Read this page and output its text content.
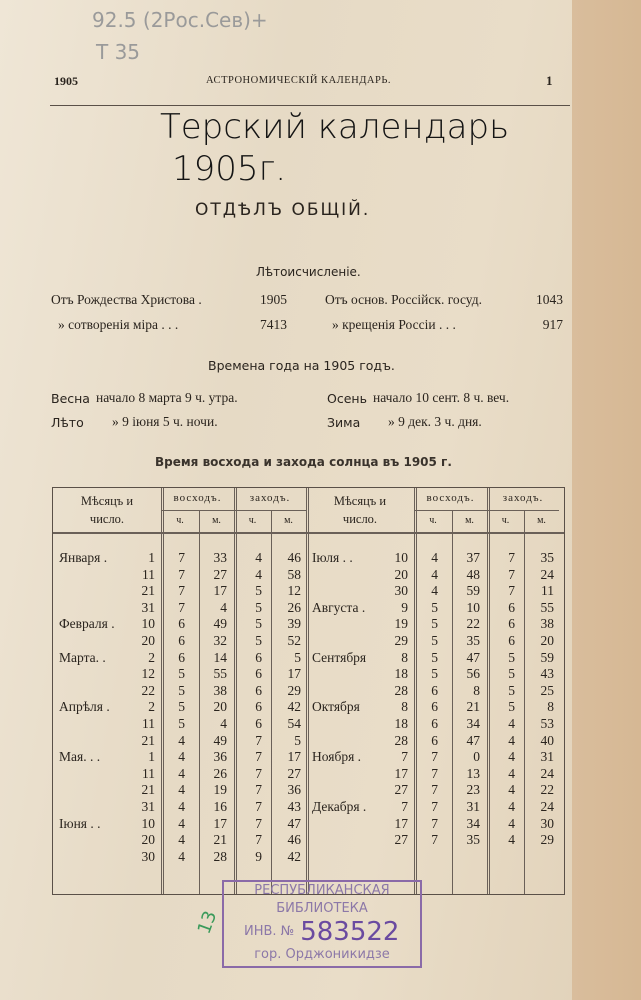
92.5 (2Рос.Сев)+
Т 35
1905	АСТРОНОМИЧЕСКІЙ КАЛЕНДАРЬ.	1
Терский календарь
1905г.
ОТДѢЛЪ ОБЩІЙ.
Лѣтоисчисленіе.
Отъ Рождества Христова .	1905	Отъ основ. Россійск. госуд.	1043
» сотворенія міра . . .	7413	» крещенія Россіи . . .	917
Времена года на 1905 годъ.
Весна начало 8 марта 9 ч. утра.	Осень начало 10 сент. 8 ч. веч.
Лѣто » 9 іюня 5 ч. ночи.	Зима » 9 дек. 3 ч. дня.
Время восхода и захода солнца въ 1905 г.
Мѣсяцъ и
число.
восходъ.	заходъ.
ч.	м.	ч.	м.
Января .	1	7	33	4	46
11	7	27	4	58
21	7	17	5	12
31	7	4	5	26
Февраля .	10	6	49	5	39
20	6	32	5	52
Марта. .	2	6	14	6	5
12	5	55	6	17
22	5	38	6	29
Апрѣля .	2	5	20	6	42
11	5	4	6	54
21	4	49	7	5
Мая. . .	1	4	36	7	17
11	4	26	7	27
21	4	19	7	36
31	4	16	7	43
Іюня . .	10	4	17	7	47
20	4	21	7	46
30	4	28	9	42
Мѣсяцъ и
число.
восходъ.	заходъ.
ч.	м.	ч.	м.
Іюля . .	10	4	37	7	35
20	4	48	7	24
30	4	59	7	11
Августа .	9	5	10	6	55
19	5	22	6	38
29	5	35	6	20
Сентября	8	5	47	5	59
18	5	56	5	43
28	6	8	5	25
Октября	8	6	21	5	8
18	6	34	4	53
28	6	47	4	40
Ноября .	7	7	0	4	31
17	7	13	4	24
27	7	23	4	22
Декабря .	7	7	31	4	24
17	7	34	4	30
27	7	35	4	29
РЕСПУБЛИКАНСКАЯ
БИБЛИОТЕКА
ИНВ. № 583522
гор. Орджоникидзе
13
